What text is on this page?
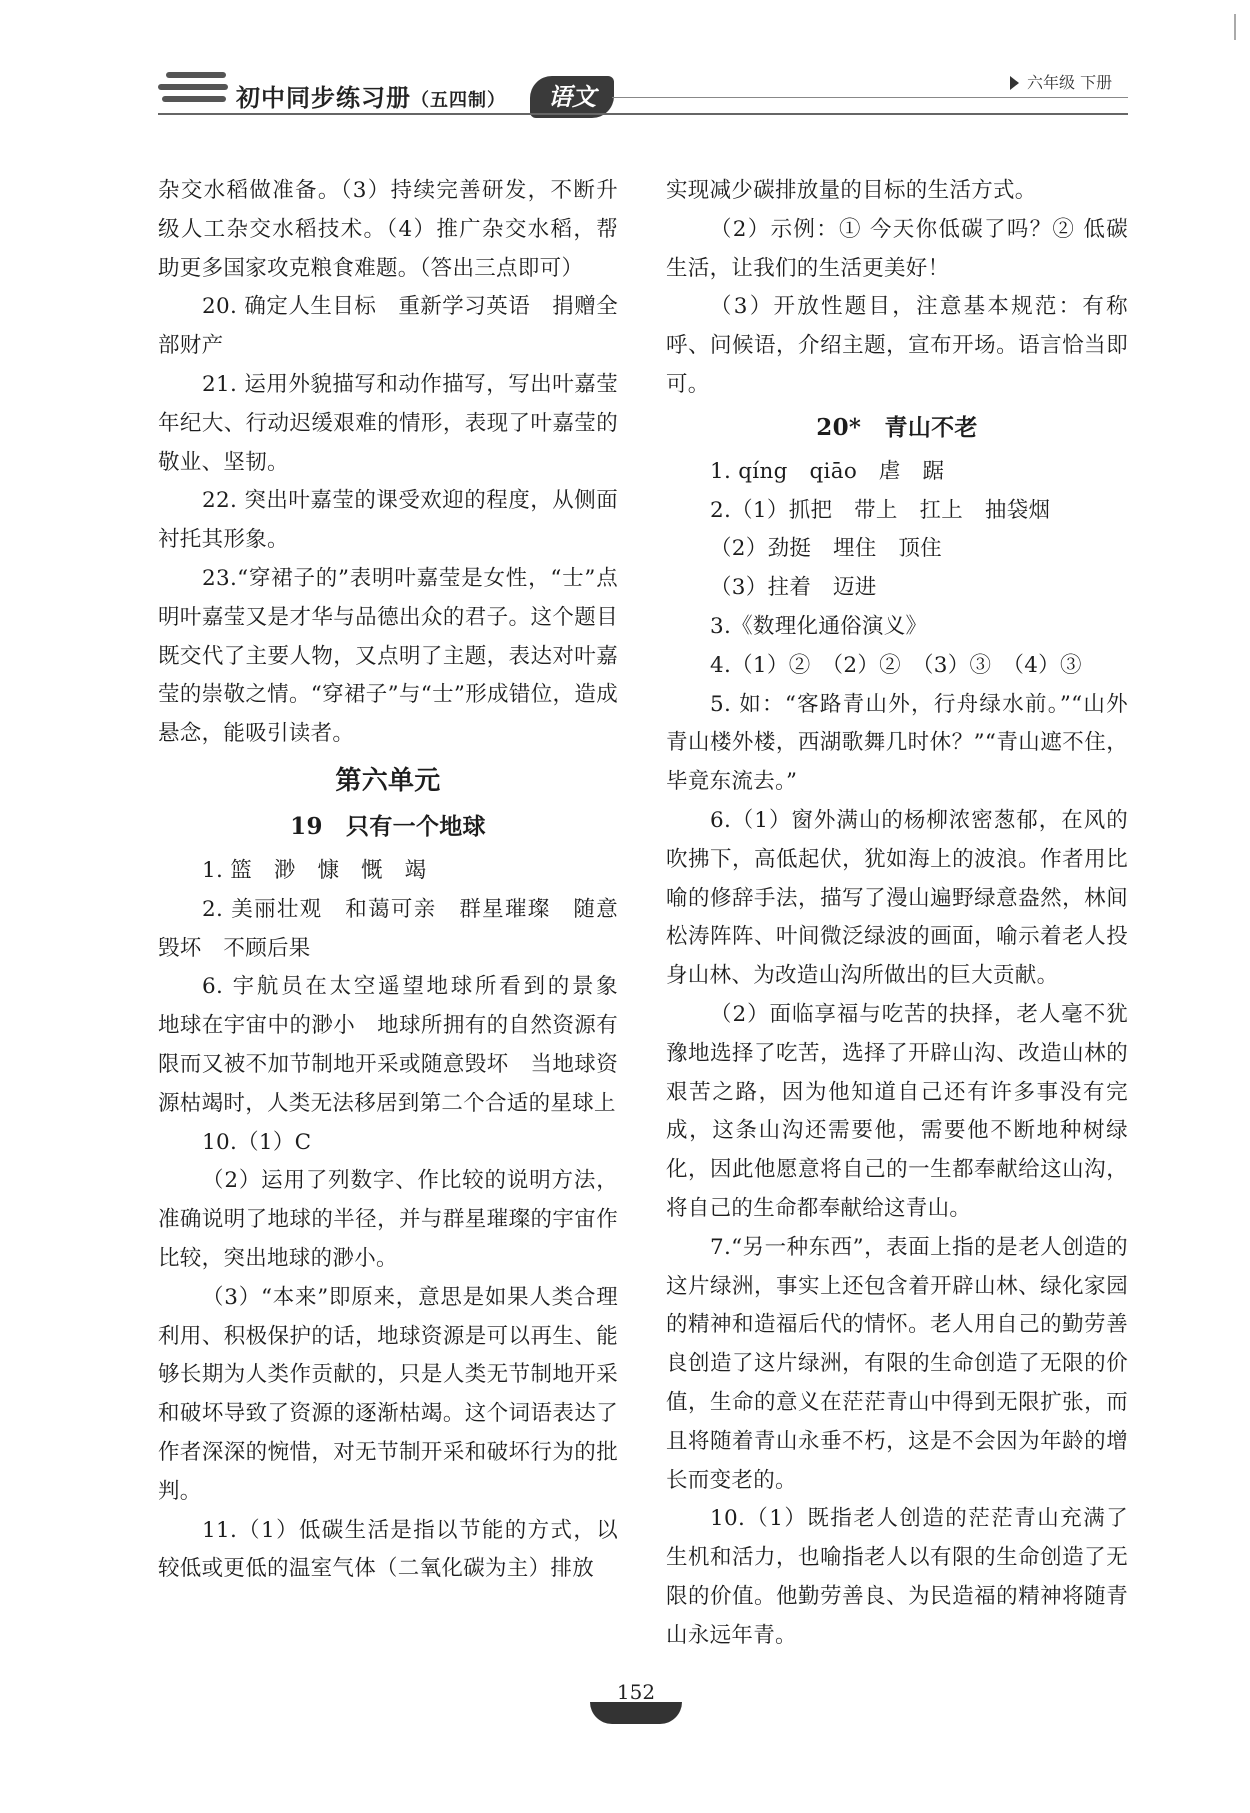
初中同步练习册（五四制）	语文	六年级 下册

杂交水稻做准备。（3）持续完善研发，不断升级人工杂交水稻技术。（4）推广杂交水稻，帮助更多国家攻克粮食难题。（答出三点即可）

20. 确定人生目标　重新学习英语　捐赠全部财产

21. 运用外貌描写和动作描写，写出叶嘉莹年纪大、行动迟缓艰难的情形，表现了叶嘉莹的敬业、坚韧。

22. 突出叶嘉莹的课受欢迎的程度，从侧面衬托其形象。

23.“穿裙子的”表明叶嘉莹是女性，“士”点明叶嘉莹又是才华与品德出众的君子。这个题目既交代了主要人物，又点明了主题，表达对叶嘉莹的崇敬之情。“穿裙子”与“士”形成错位，造成悬念，能吸引读者。

第六单元
19　只有一个地球

1. 篮　渺　慷　慨　竭

2. 美丽壮观　和蔼可亲　群星璀璨　随意毁坏　不顾后果

6. 宇航员在太空遥望地球所看到的景象　地球在宇宙中的渺小　地球所拥有的自然资源有限而又被不加节制地开采或随意毁坏　当地球资源枯竭时，人类无法移居到第二个合适的星球上

10.（1）C

（2）运用了列数字、作比较的说明方法，准确说明了地球的半径，并与群星璀璨的宇宙作比较，突出地球的渺小。

（3）“本来”即原来，意思是如果人类合理利用、积极保护的话，地球资源是可以再生、能够长期为人类作贡献的，只是人类无节制地开采和破坏导致了资源的逐渐枯竭。这个词语表达了作者深深的惋惜，对无节制开采和破坏行为的批判。

11.（1）低碳生活是指以节能的方式，以较低或更低的温室气体（二氧化碳为主）排放

实现减少碳排放量的目标的生活方式。

（2）示例：① 今天你低碳了吗？② 低碳生活，让我们的生活更美好！

（3）开放性题目，注意基本规范：有称呼、问候语，介绍主题，宣布开场。语言恰当即可。

20*　青山不老

1. qíng　qiāo　虐　踞

2.（1）抓把　带上　扛上　抽袋烟

（2）劲挺　埋住　顶住

（3）拄着　迈进

3.《数理化通俗演义》

4.（1）②　（2）②　（3）③　（4）③

5. 如：“客路青山外，行舟绿水前。”“山外青山楼外楼，西湖歌舞几时休？”“青山遮不住，毕竟东流去。”

6.（1）窗外满山的杨柳浓密葱郁，在风的吹拂下，高低起伏，犹如海上的波浪。作者用比喻的修辞手法，描写了漫山遍野绿意盎然，林间松涛阵阵、叶间微泛绿波的画面，喻示着老人投身山林、为改造山沟所做出的巨大贡献。

（2）面临享福与吃苦的抉择，老人毫不犹豫地选择了吃苦，选择了开辟山沟、改造山林的艰苦之路，因为他知道自己还有许多事没有完成，这条山沟还需要他，需要他不断地种树绿化，因此他愿意将自己的一生都奉献给这山沟，将自己的生命都奉献给这青山。

7.“另一种东西”，表面上指的是老人创造的这片绿洲，事实上还包含着开辟山林、绿化家园的精神和造福后代的情怀。老人用自己的勤劳善良创造了这片绿洲，有限的生命创造了无限的价值，生命的意义在茫茫青山中得到无限扩张，而且将随着青山永垂不朽，这是不会因为年龄的增长而变老的。

10.（1）既指老人创造的茫茫青山充满了生机和活力，也喻指老人以有限的生命创造了无限的价值。他勤劳善良、为民造福的精神将随青山永远年青。

152
